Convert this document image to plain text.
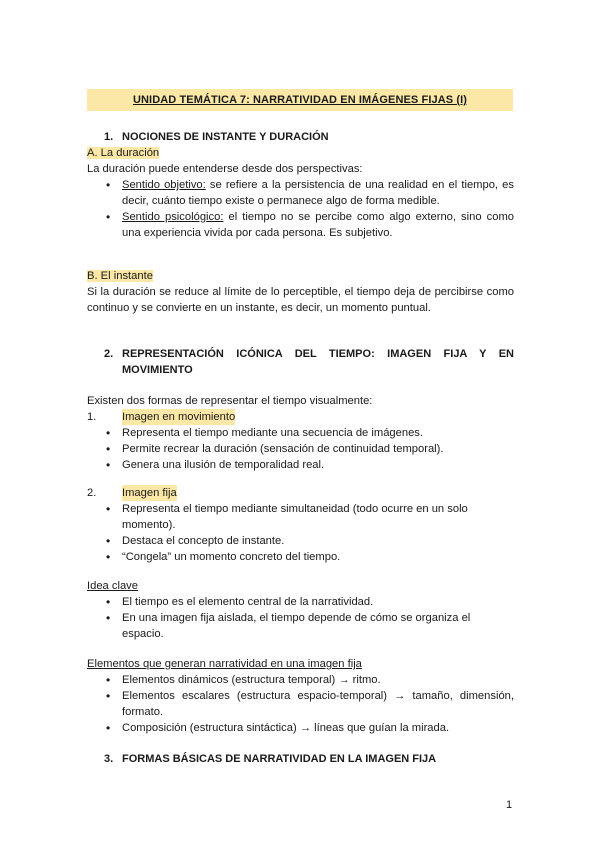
UNIDAD TEMÁTICA 7: NARRATIVIDAD EN IMÁGENES FIJAS (I)
1. NOCIONES DE INSTANTE Y DURACIÓN
A. La duración
La duración puede entenderse desde dos perspectivas:
• Sentido objetivo: se refiere a la persistencia de una realidad en el tiempo, es decir, cuánto tiempo existe o permanece algo de forma medible.
• Sentido psicológico: el tiempo no se percibe como algo externo, sino como una experiencia vivida por cada persona. Es subjetivo.
B. El instante
Si la duración se reduce al límite de lo perceptible, el tiempo deja de percibirse como continuo y se convierte en un instante, es decir, un momento puntual.
2. REPRESENTACIÓN ICÓNICA DEL TIEMPO: IMAGEN FIJA Y EN MOVIMIENTO
Existen dos formas de representar el tiempo visualmente:
1.	Imagen en movimiento
• Representa el tiempo mediante una secuencia de imágenes.
• Permite recrear la duración (sensación de continuidad temporal).
• Genera una ilusión de temporalidad real.
2.	Imagen fija
• Representa el tiempo mediante simultaneidad (todo ocurre en un solo momento).
• Destaca el concepto de instante.
• “Congela” un momento concreto del tiempo.
Idea clave
• El tiempo es el elemento central de la narratividad.
• En una imagen fija aislada, el tiempo depende de cómo se organiza el espacio.
Elementos que generan narratividad en una imagen fija
• Elementos dinámicos (estructura temporal) → ritmo.
• Elementos escalares (estructura espacio-temporal) → tamaño, dimensión, formato.
• Composición (estructura sintáctica) → líneas que guían la mirada.
3. FORMAS BÁSICAS DE NARRATIVIDAD EN LA IMAGEN FIJA
1
